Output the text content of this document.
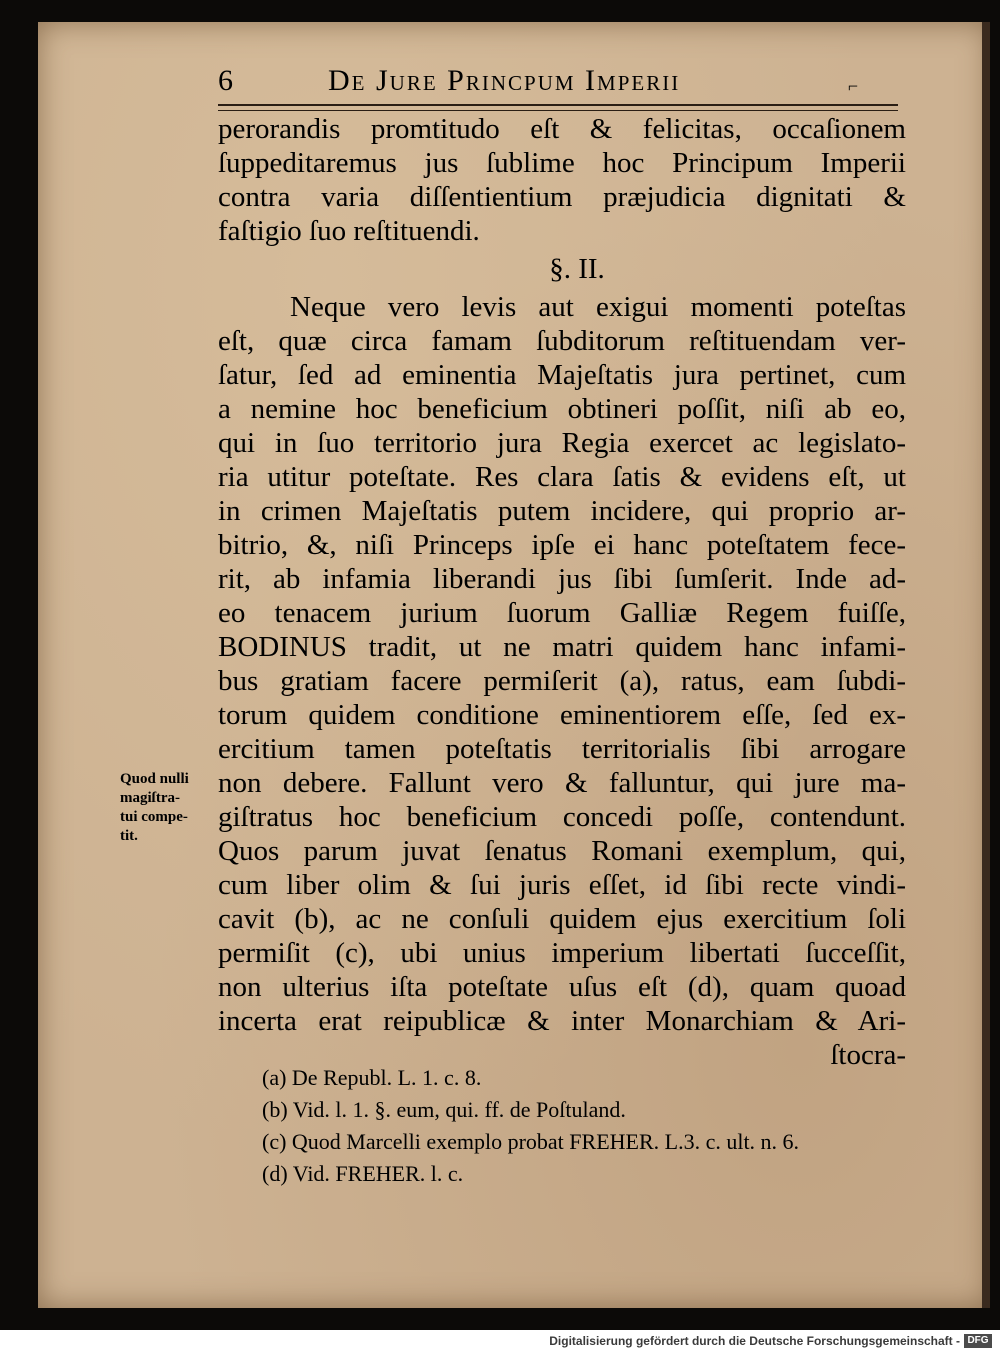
6	De Jure Princpum Imperii	⌐
perorandis promtitudo eſt & felicitas, occaſionem
ſuppeditaremus jus ſublime hoc Principum Imperii
contra varia diſſentientium præjudicia dignitati &
faſtigio ſuo reſtituendi.
§. II.
Neque vero levis aut exigui momenti poteſtas
eſt, quæ circa famam ſubditorum reſtituendam ver-
ſatur, ſed ad eminentia Majeſtatis jura pertinet, cum
a nemine hoc beneficium obtineri poſſit, niſi ab eo,
qui in ſuo territorio jura Regia exercet ac legislato-
ria utitur poteſtate. Res clara ſatis & evidens eſt, ut
in crimen Majeſtatis putem incidere, qui proprio ar-
bitrio, &, niſi Princeps ipſe ei hanc poteſtatem fece-
rit, ab infamia liberandi jus ſibi ſumſerit. Inde ad-
eo tenacem jurium ſuorum Galliæ Regem fuiſſe,
BODINUS tradit, ut ne matri quidem hanc infami-
bus gratiam facere permiſerit (a), ratus, eam ſubdi-
torum quidem conditione eminentiorem eſſe, ſed ex-
ercitium tamen poteſtatis territorialis ſibi arrogare
non debere. Fallunt vero & falluntur, qui jure ma-
giſtratus hoc beneficium concedi poſſe, contendunt.
Quos parum juvat ſenatus Romani exemplum, qui,
cum liber olim & ſui juris eſſet, id ſibi recte vindi-
cavit (b), ac ne conſuli quidem ejus exercitium ſoli
permiſit (c), ubi unius imperium libertati ſucceſſit,
non ulterius iſta poteſtate uſus eſt (d), quam quoad
incerta erat reipublicæ & inter Monarchiam & Ari-
ſtocra-
Quod nulli
magiſtra-
tui compe-
tit.
(a) De Republ. L. 1. c. 8.
(b) Vid. l. 1. §. eum, qui. ff. de Poſtuland.
(c) Quod Marcelli exemplo probat FREHER. L.3. c. ult. n. 6.
(d) Vid. FREHER. l. c.
Digitalisierung gefördert durch die Deutsche Forschungsgemeinschaft - DFG
